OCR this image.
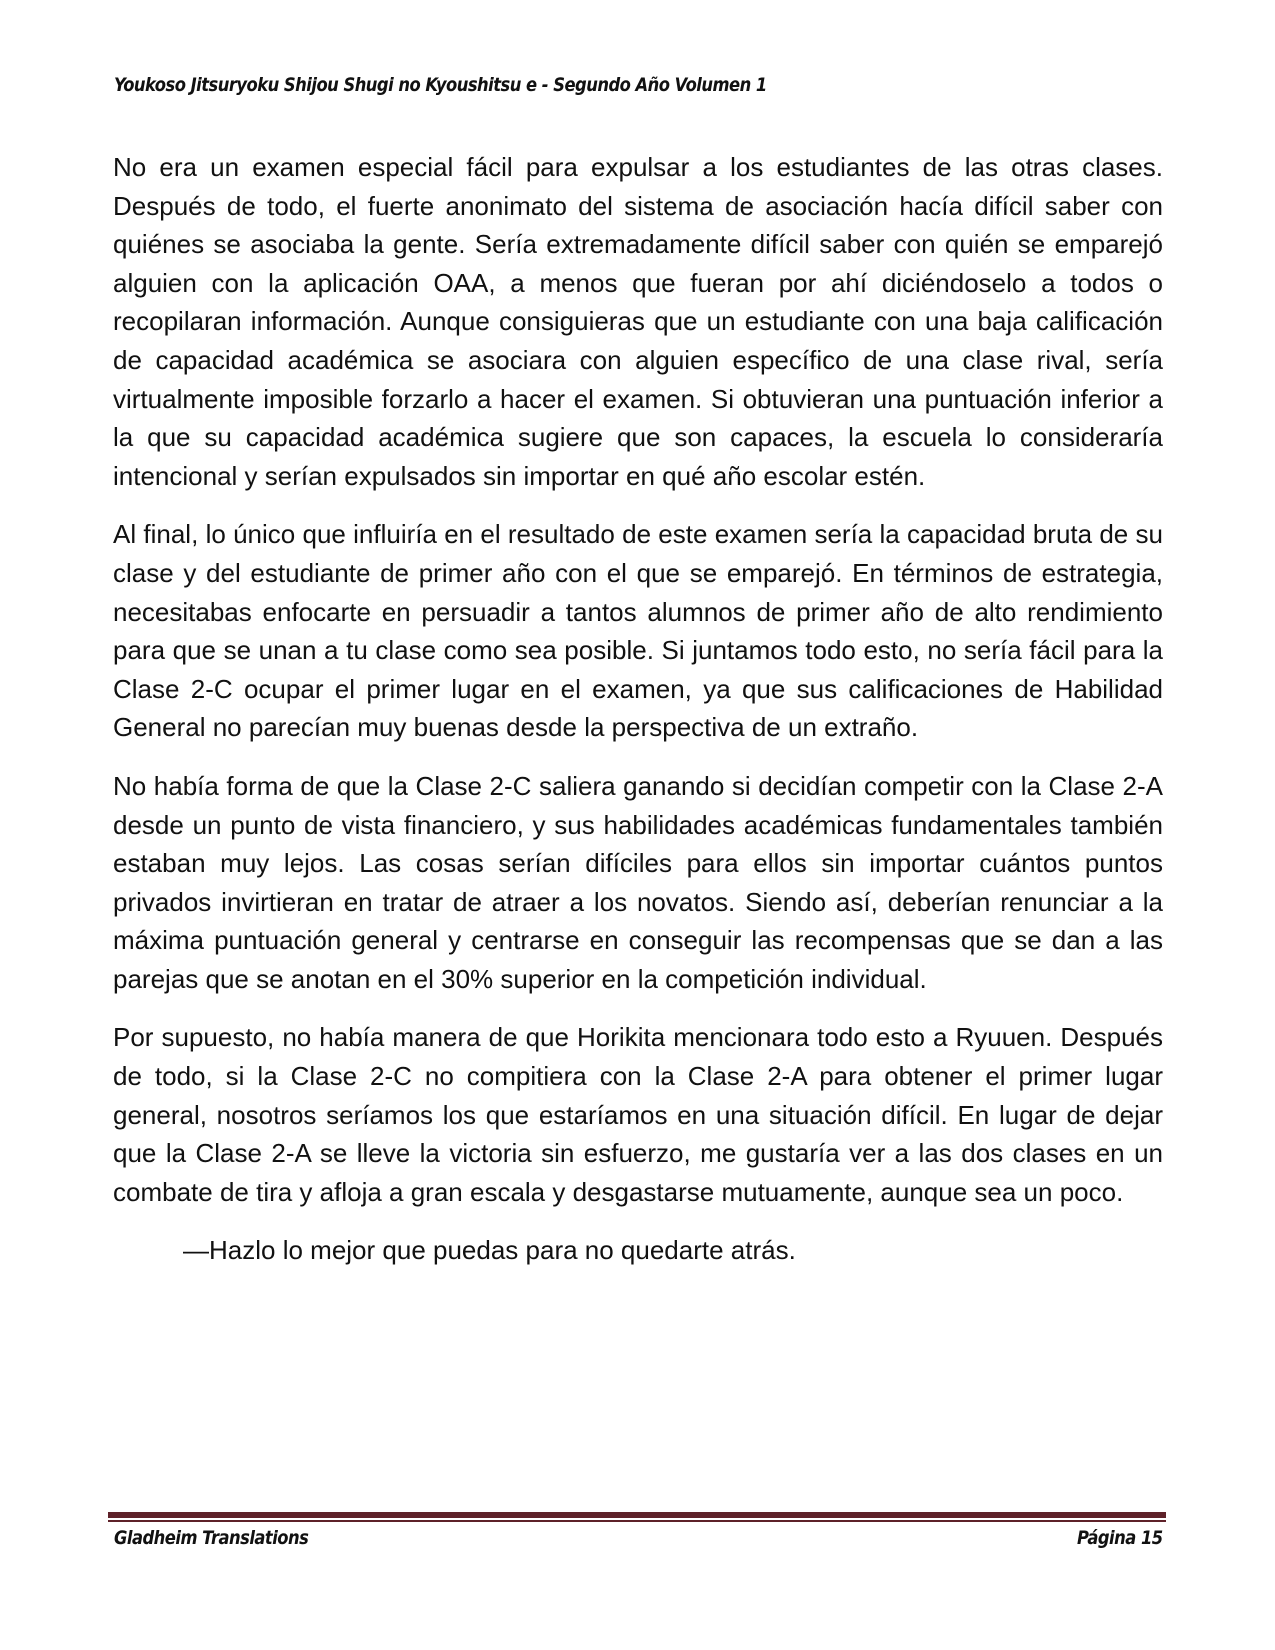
Youkoso Jitsuryoku Shijou Shugi no Kyoushitsu e - Segundo Año Volumen 1

No era un examen especial fácil para expulsar a los estudiantes de las otras clases. Después de todo, el fuerte anonimato del sistema de asociación hacía difícil saber con quiénes se asociaba la gente. Sería extremadamente difícil saber con quién se emparejó alguien con la aplicación OAA, a menos que fueran por ahí diciéndoselo a todos o recopilaran información. Aunque consiguieras que un estudiante con una baja calificación de capacidad académica se asociara con alguien específico de una clase rival, sería virtualmente imposible forzarlo a hacer el examen. Si obtuvieran una puntuación inferior a la que su capacidad académica sugiere que son capaces, la escuela lo consideraría intencional y serían expulsados sin importar en qué año escolar estén.

Al final, lo único que influiría en el resultado de este examen sería la capacidad bruta de su clase y del estudiante de primer año con el que se emparejó. En términos de estrategia, necesitabas enfocarte en persuadir a tantos alumnos de primer año de alto rendimiento para que se unan a tu clase como sea posible. Si juntamos todo esto, no sería fácil para la Clase 2-C ocupar el primer lugar en el examen, ya que sus calificaciones de Habilidad General no parecían muy buenas desde la perspectiva de un extraño.

No había forma de que la Clase 2-C saliera ganando si decidían competir con la Clase 2-A desde un punto de vista financiero, y sus habilidades académicas fundamentales también estaban muy lejos. Las cosas serían difíciles para ellos sin importar cuántos puntos privados invirtieran en tratar de atraer a los novatos. Siendo así, deberían renunciar a la máxima puntuación general y centrarse en conseguir las recompensas que se dan a las parejas que se anotan en el 30% superior en la competición individual.

Por supuesto, no había manera de que Horikita mencionara todo esto a Ryuuen. Después de todo, si la Clase 2-C no compitiera con la Clase 2-A para obtener el primer lugar general, nosotros seríamos los que estaríamos en una situación difícil. En lugar de dejar que la Clase 2-A se lleve la victoria sin esfuerzo, me gustaría ver a las dos clases en un combate de tira y afloja a gran escala y desgastarse mutuamente, aunque sea un poco.

—Hazlo lo mejor que puedas para no quedarte atrás.

Gladheim Translations	Página 15
